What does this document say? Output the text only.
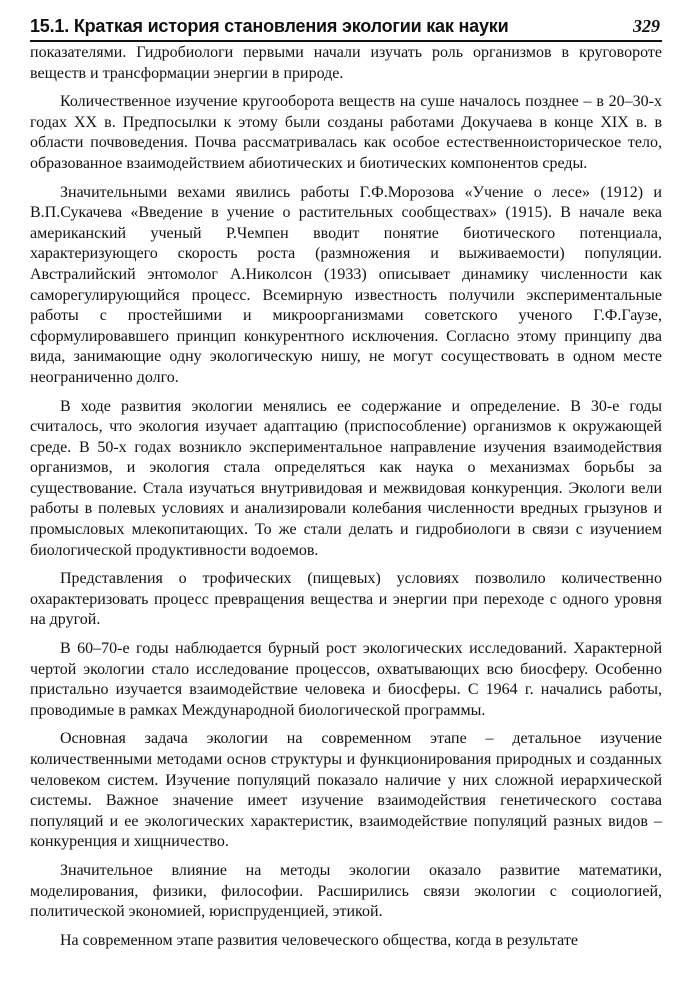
15.1. Краткая история становления экологии как науки	329

показателями. Гидробиологи первыми начали изучать роль организмов в круговороте веществ и трансформации энергии в природе.

Количественное изучение кругооборота веществ на суше началось позднее – в 20–30-х годах XX в. Предпосылки к этому были созданы работами Докучаева в конце XIX в. в области почвоведения. Почва рассматривалась как особое естественноисторическое тело, образованное взаимодействием абиотических и биотических компонентов среды.

Значительными вехами явились работы Г.Ф.Морозова «Учение о лесе» (1912) и В.П.Сукачева «Введение в учение о растительных сообществах» (1915). В начале века американский ученый Р.Чемпен вводит понятие биотического потенциала, характеризующего скорость роста (размножения и выживаемости) популяции. Австралийский энтомолог А.Николсон (1933) описывает динамику численности как саморегулирующийся процесс. Всемирную известность получили экспериментальные работы с простейшими и микроорганизмами советского ученого Г.Ф.Гаузе, сформулировавшего принцип конкурентного исключения. Согласно этому принципу два вида, занимающие одну экологическую нишу, не могут сосуществовать в одном месте неограниченно долго.

В ходе развития экологии менялись ее содержание и определение. В 30-е годы считалось, что экология изучает адаптацию (приспособление) организмов к окружающей среде. В 50-х годах возникло экспериментальное направление изучения взаимодействия организмов, и экология стала определяться как наука о механизмах борьбы за существование. Стала изучаться внутривидовая и межвидовая конкуренция. Экологи вели работы в полевых условиях и анализировали колебания численности вредных грызунов и промысловых млекопитающих. То же стали делать и гидробиологи в связи с изучением биологической продуктивности водоемов.

Представления о трофических (пищевых) условиях позволило количественно охарактеризовать процесс превращения вещества и энергии при переходе с одного уровня на другой.

В 60–70-е годы наблюдается бурный рост экологических исследований. Характерной чертой экологии стало исследование процессов, охватывающих всю биосферу. Особенно пристально изучается взаимодействие человека и биосферы. С 1964 г. начались работы, проводимые в рамках Международной биологической программы.

Основная задача экологии на современном этапе – детальное изучение количественными методами основ структуры и функционирования природных и созданных человеком систем. Изучение популяций показало наличие у них сложной иерархической системы. Важное значение имеет изучение взаимодействия генетического состава популяций и ее экологических характеристик, взаимодействие популяций разных видов – конкуренция и хищничество.

Значительное влияние на методы экологии оказало развитие математики, моделирования, физики, философии. Расширились связи экологии с социологией, политической экономией, юриспруденцией, этикой.

На современном этапе развития человеческого общества, когда в результате
